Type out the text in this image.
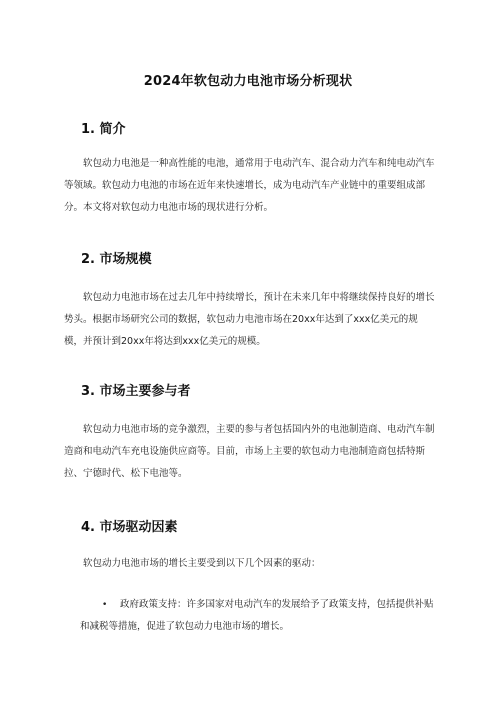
2024年软包动力电池市场分析现状
1. 简介

软包动力电池是一种高性能的电池，通常用于电动汽车、混合动力汽车和纯电动汽车等领域。软包动力电池的市场在近年来快速增长，成为电动汽车产业链中的重要组成部分。本文将对软包动力电池市场的现状进行分析。

2. 市场规模

软包动力电池市场在过去几年中持续增长，预计在未来几年中将继续保持良好的增长势头。根据市场研究公司的数据，软包动力电池市场在20xx年达到了xxx亿美元的规模，并预计到20xx年将达到xxx亿美元的规模。

3. 市场主要参与者

软包动力电池市场的竞争激烈，主要的参与者包括国内外的电池制造商、电动汽车制造商和电动汽车充电设施供应商等。目前，市场上主要的软包动力电池制造商包括特斯拉、宁德时代、松下电池等。

4. 市场驱动因素

软包动力电池市场的增长主要受到以下几个因素的驱动：

•	政府政策支持：许多国家对电动汽车的发展给予了政策支持，包括提供补贴和减税等措施，促进了软包动力电池市场的增长。
